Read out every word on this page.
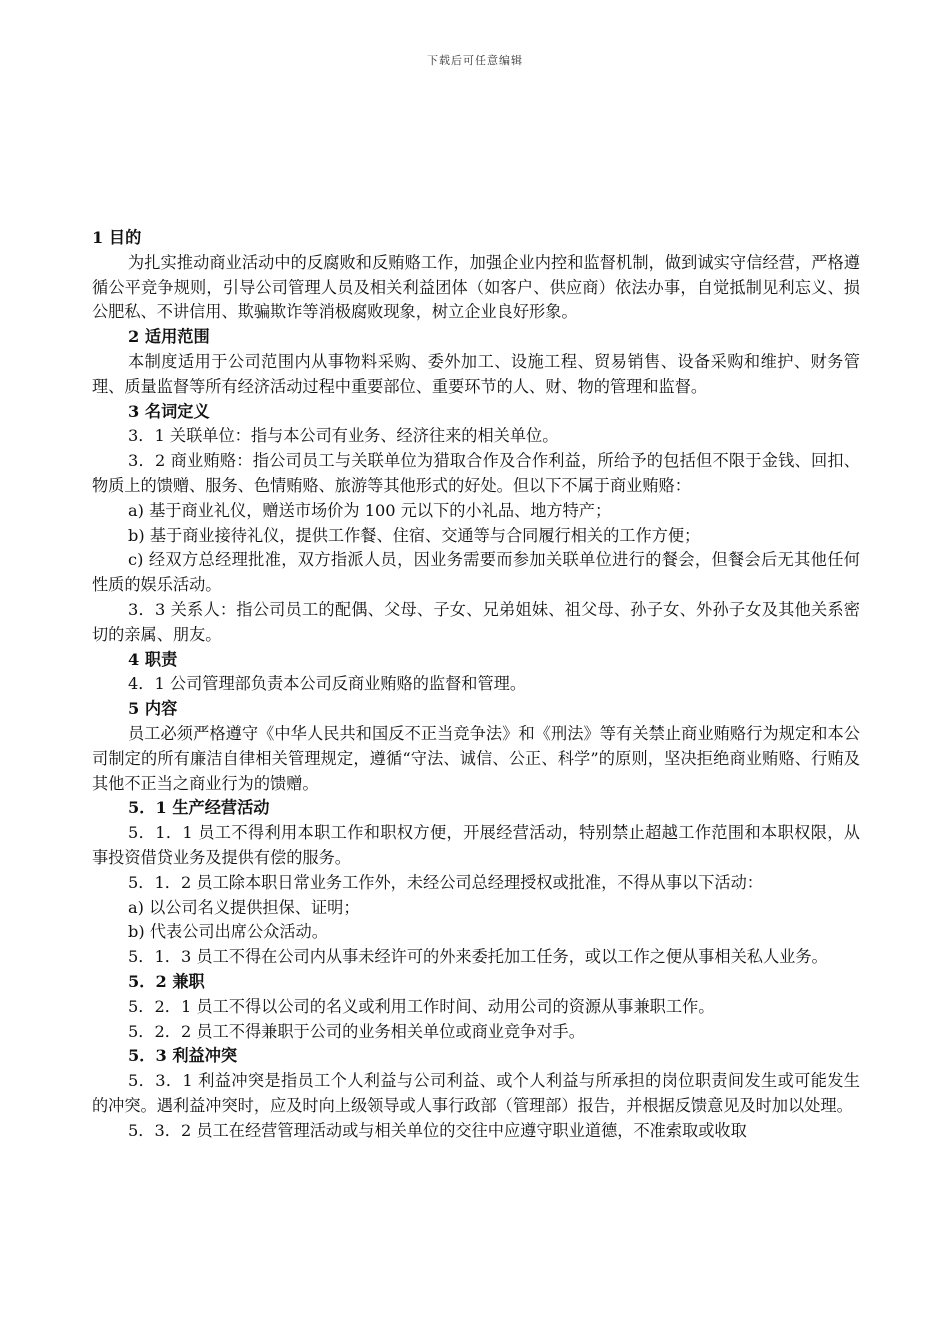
下载后可任意编辑

1 目的

为扎实推动商业活动中的反腐败和反贿赂工作，加强企业内控和监督机制，做到诚实守信经营，严格遵循公平竞争规则，引导公司管理人员及相关利益团体（如客户、供应商）依法办事，自觉抵制见利忘义、损公肥私、不讲信用、欺骗欺诈等消极腐败现象，树立企业良好形象。

2 适用范围

本制度适用于公司范围内从事物料采购、委外加工、设施工程、贸易销售、设备采购和维护、财务管理、质量监督等所有经济活动过程中重要部位、重要环节的人、财、物的管理和监督。

3 名词定义

3．1 关联单位：指与本公司有业务、经济往来的相关单位。

3．2 商业贿赂：指公司员工与关联单位为猎取合作及合作利益，所给予的包括但不限于金钱、回扣、物质上的馈赠、服务、色情贿赂、旅游等其他形式的好处。但以下不属于商业贿赂：

a) 基于商业礼仪，赠送市场价为 100 元以下的小礼品、地方特产；

b) 基于商业接待礼仪，提供工作餐、住宿、交通等与合同履行相关的工作方便；

c) 经双方总经理批准，双方指派人员，因业务需要而参加关联单位进行的餐会，但餐会后无其他任何性质的娱乐活动。

3．3 关系人：指公司员工的配偶、父母、子女、兄弟姐妹、祖父母、孙子女、外孙子女及其他关系密切的亲属、朋友。

4 职责

4．1 公司管理部负责本公司反商业贿赂的监督和管理。

5 内容

员工必须严格遵守《中华人民共和国反不正当竞争法》和《刑法》等有关禁止商业贿赂行为规定和本公司制定的所有廉洁自律相关管理规定，遵循“守法、诚信、公正、科学”的原则，坚决拒绝商业贿赂、行贿及其他不正当之商业行为的馈赠。

5．1 生产经营活动

5．1．1 员工不得利用本职工作和职权方便，开展经营活动，特别禁止超越工作范围和本职权限，从事投资借贷业务及提供有偿的服务。

5．1．2 员工除本职日常业务工作外，未经公司总经理授权或批准，不得从事以下活动：

a) 以公司名义提供担保、证明；

b) 代表公司出席公众活动。

5．1．3 员工不得在公司内从事未经许可的外来委托加工任务，或以工作之便从事相关私人业务。

5．2 兼职

5．2．1 员工不得以公司的名义或利用工作时间、动用公司的资源从事兼职工作。

5．2．2 员工不得兼职于公司的业务相关单位或商业竞争对手。

5．3 利益冲突

5．3．1 利益冲突是指员工个人利益与公司利益、或个人利益与所承担的岗位职责间发生或可能发生的冲突。遇利益冲突时，应及时向上级领导或人事行政部（管理部）报告，并根据反馈意见及时加以处理。

5．3．2 员工在经营管理活动或与相关单位的交往中应遵守职业道德，不准索取或收取
